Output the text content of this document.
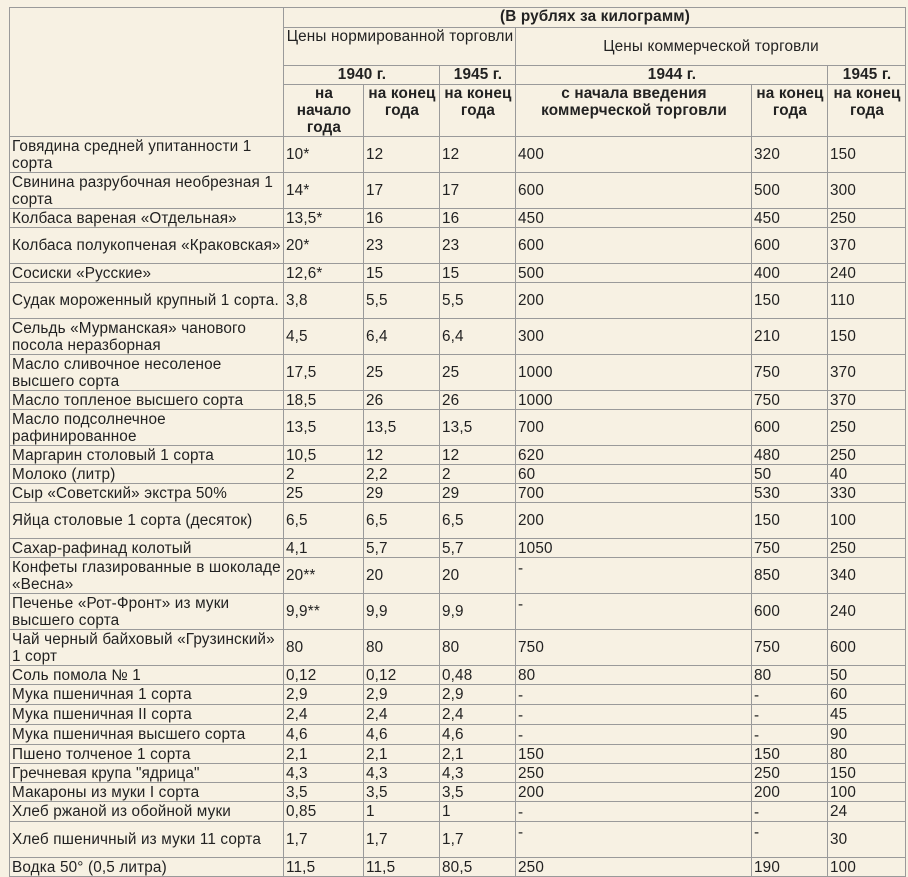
	(В рублях за килограмм)					
	Цены нормированной торговли			Цены коммерческой торговли		
	1940 г.		1945 г.	1944 г.		1945 г.
	на начало года	на конец года	на конец года	с начала введения коммерческой торговли	на конец года	на конец года
Говядина средней упитанности 1 сорта	10*	12	12	400	320	150
Свинина разрубочная необрезная 1 сорта	14*	17	17	600	500	300
Колбаса вареная «Отдельная»	13,5*	16	16	450	450	250
Колбаса полукопченая «Краковская»	20*	23	23	600	600	370
Сосиски «Русские»	12,6*	15	15	500	400	240
Судак мороженный крупный 1 сорта.	3,8	5,5	5,5	200	150	110
Сельдь «Мурманская» чанового посола неразборная	4,5	6,4	6,4	300	210	150
Масло сливочное несоленое высшего сорта	17,5	25	25	1000	750	370
Масло топленое высшего сорта	18,5	26	26	1000	750	370
Масло подсолнечное рафинированное	13,5	13,5	13,5	700	600	250
Маргарин столовый 1 сорта	10,5	12	12	620	480	250
Молоко (литр)	2	2,2	2	60	50	40
Сыр «Советский» экстра 50%	25	29	29	700	530	330
Яйца столовые 1 сорта (десяток)	6,5	6,5	6,5	200	150	100
Сахар-рафинад колотый	4,1	5,7	5,7	1050	750	250
Конфеты глазированные в шоколаде «Весна»	20**	20	20	-	850	340
Печенье «Рот-Фронт» из муки высшего сорта	9,9**	9,9	9,9	-	600	240
Чай черный байховый «Грузинский» 1 сорт	80	80	80	750	750	600
Соль помола № 1	0,12	0,12	0,48	80	80	50
Мука пшеничная 1 сорта	2,9	2,9	2,9	-	-	60
Мука пшеничная II сорта	2,4	2,4	2,4	-	-	45
Мука пшеничная высшего сорта	4,6	4,6	4,6	-	-	90
Пшено толченое 1 сорта	2,1	2,1	2,1	150	150	80
Гречневая крупа "ядрица"	4,3	4,3	4,3	250	250	150
Макароны из муки I сорта	3,5	3,5	3,5	200	200	100
Хлеб ржаной из обойной муки	0,85	1	1	-	-	24
Хлеб пшеничный из муки 11 сорта	1,7	1,7	1,7	-	-	30
Водка 50° (0,5 литра)	11,5	11,5	80,5	250	190	100
